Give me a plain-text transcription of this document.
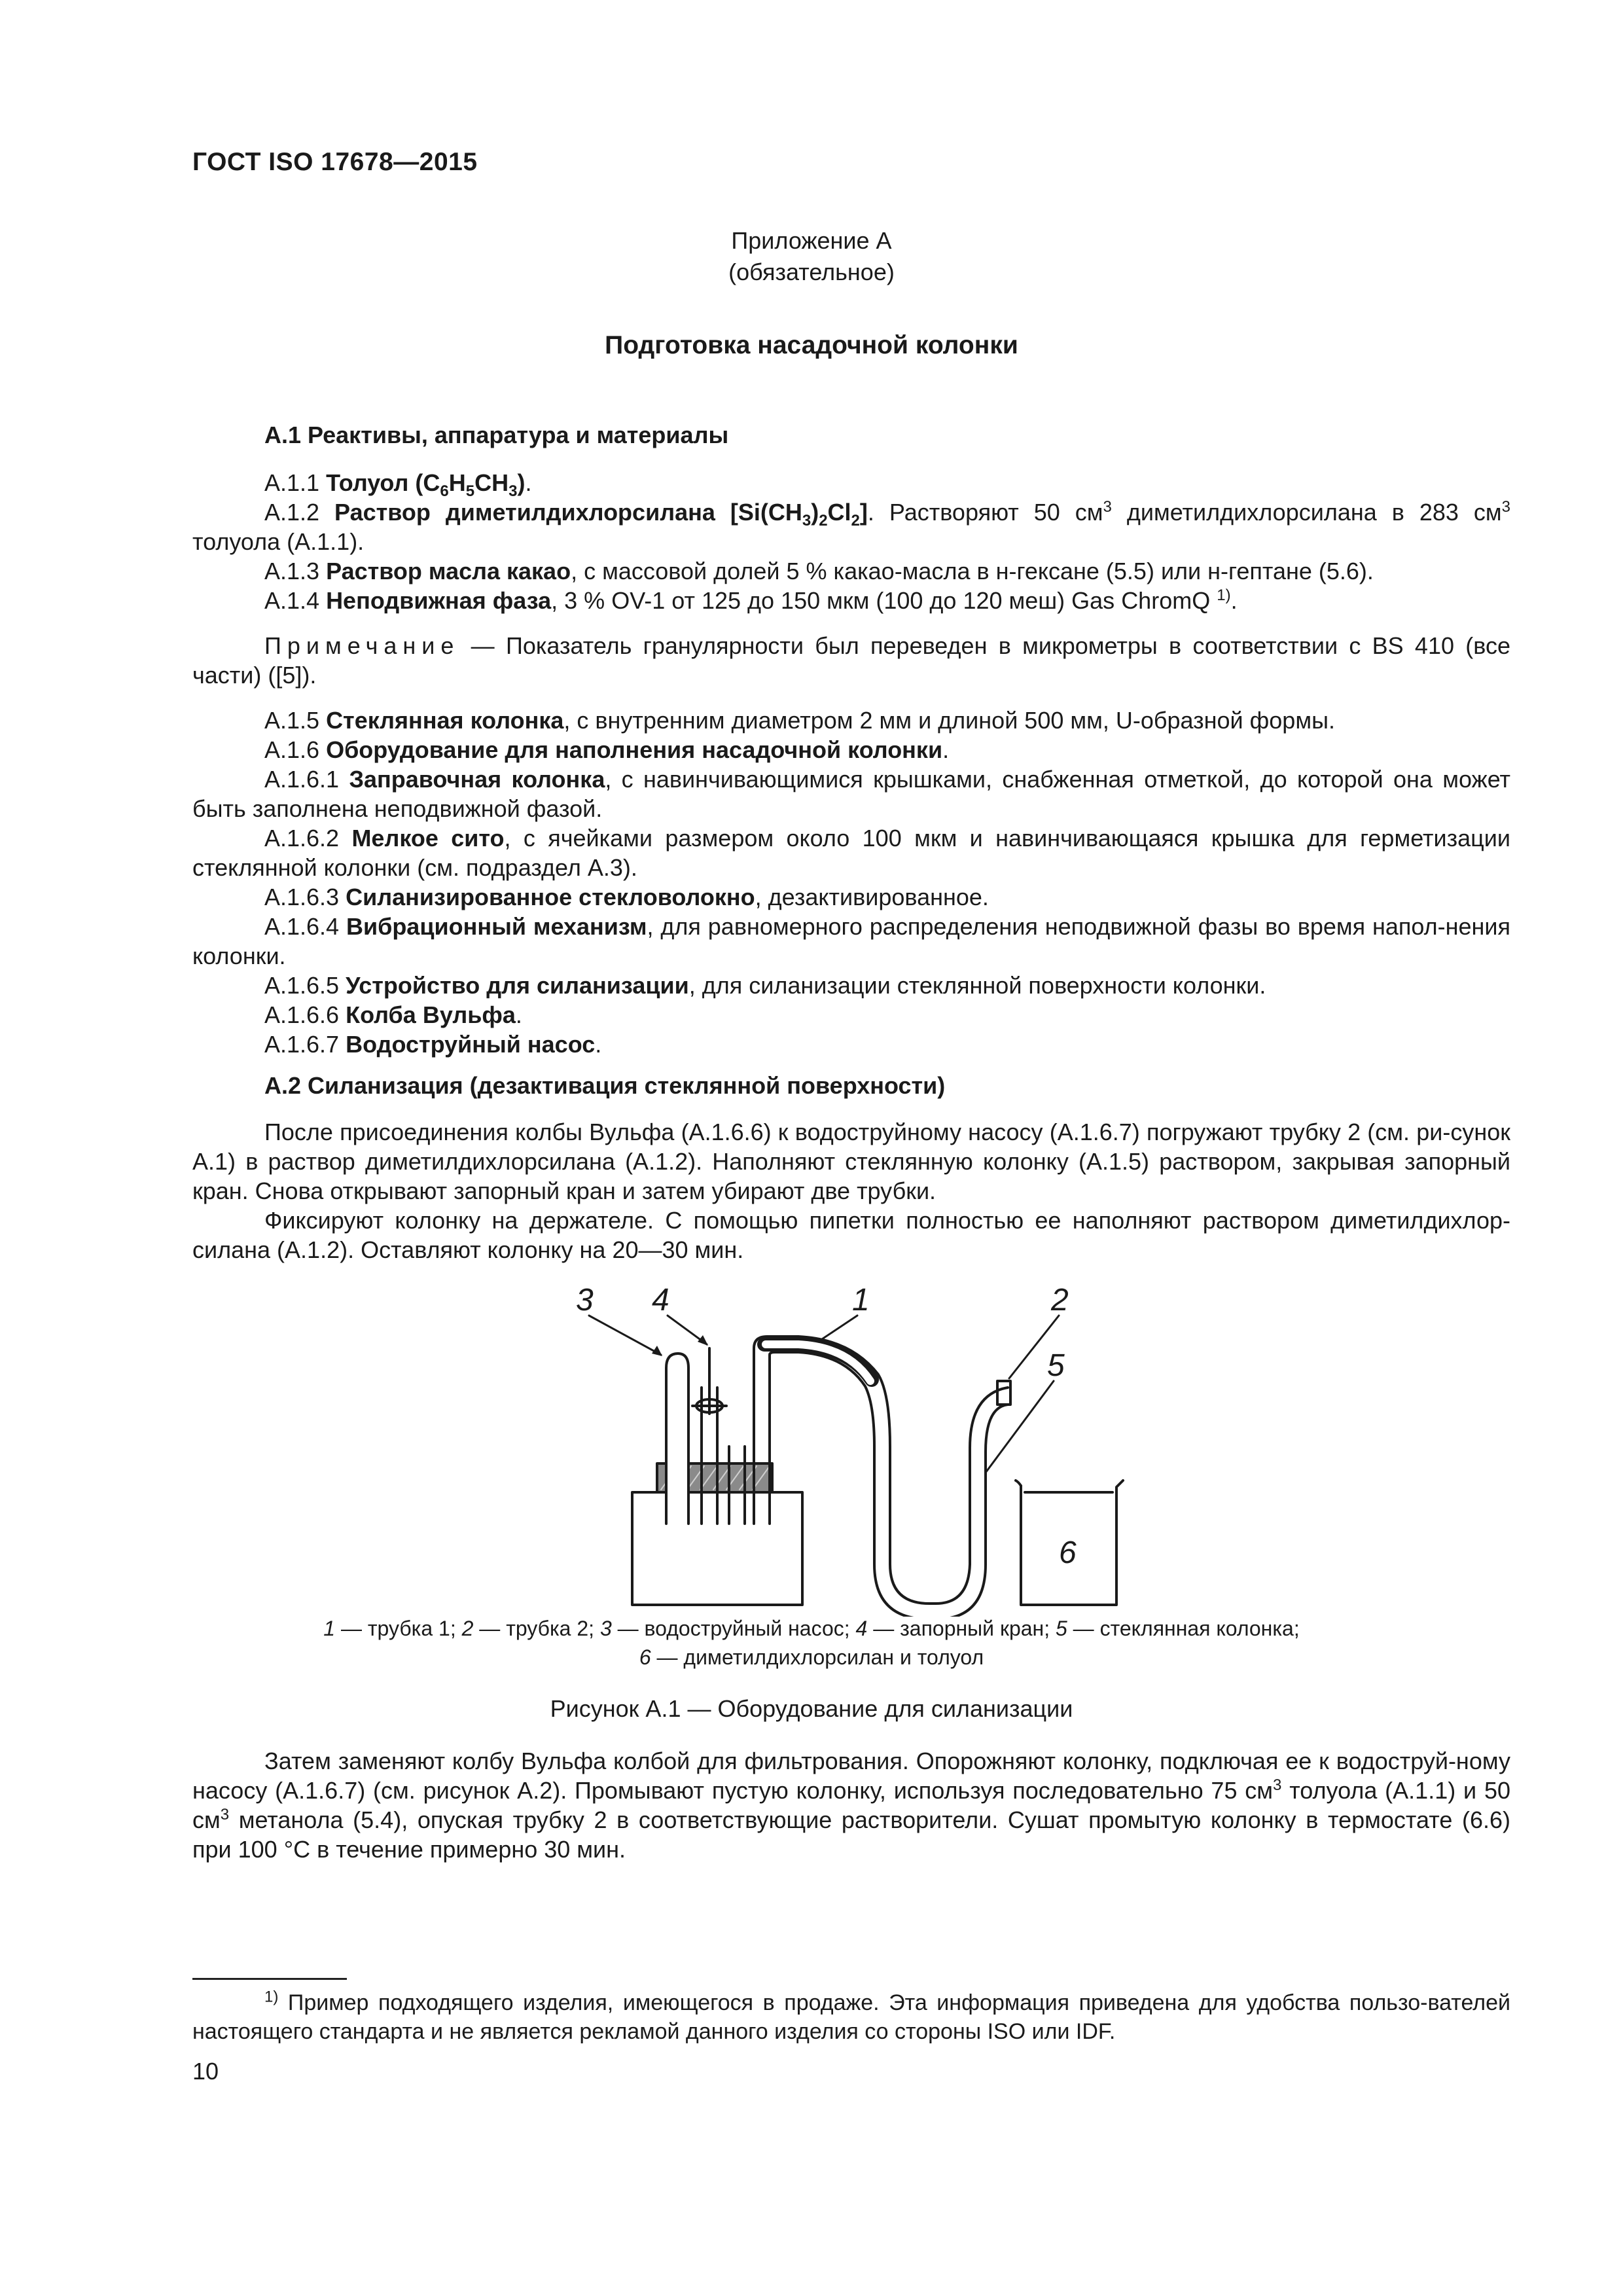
ГОСТ ISO 17678—2015
Приложение А
(обязательное)
Подготовка насадочной колонки

А.1 Реактивы, аппаратура и материалы

А.1.1 Толуол $(C_6H_5CH_3)$.

А.1.2 Раствор диметилдихлорсилана $[Si(CH_3)_2Cl_2]$. Растворяют 50 $см^3$ диметилдихлорсилана в 283 $см^3$ толуола (А.1.1).

А.1.3 Раствор масла какао, с массовой долей 5 % какао-масла в н-гексане (5.5) или н-гептане (5.6).

А.1.4 Неподвижная фаза, 3 % OV-1 от 125 до 150 мкм (100 до 120 меш) Gas ChromQ $^{1)}$.

Примечание — Показатель гранулярности был переведен в микрометры в соответствии с BS 410 (все части) ([5]).

А.1.5 Стеклянная колонка, с внутренним диаметром 2 мм и длиной 500 мм, U-образной формы.

А.1.6 Оборудование для наполнения насадочной колонки.

А.1.6.1 Заправочная колонка, с навинчивающимися крышками, снабженная отметкой, до которой она может быть заполнена неподвижной фазой.

А.1.6.2 Мелкое сито, с ячейками размером около 100 мкм и навинчивающаяся крышка для герметизации стеклянной колонки (см. подраздел А.3).

А.1.6.3 Силанизированное стекловолокно, дезактивированное.

А.1.6.4 Вибрационный механизм, для равномерного распределения неподвижной фазы во время напол-нения колонки.

А.1.6.5 Устройство для силанизации, для силанизации стеклянной поверхности колонки.

А.1.6.6 Колба Вульфа.

А.1.6.7 Водоструйный насос.

А.2 Силанизация (дезактивация стеклянной поверхности)

После присоединения колбы Вульфа (А.1.6.6) к водоструйному насосу (А.1.6.7) погружают трубку 2 (см. ри-сунок А.1) в раствор диметилдихлорсилана (А.1.2). Наполняют стеклянную колонку (А.1.5) раствором, закрывая запорный кран. Снова открывают запорный кран и затем убирают две трубки.

Фиксируют колонку на держателе. С помощью пипетки полностью ее наполняют раствором диметилдихлор-силана (А.1.2). Оставляют колонку на 20—30 мин.

3 4	1	2
5
6
1 — трубка 1; 2 — трубка 2; 3 — водоструйный насос; 4 — запорный кран; 5 — стеклянная колонка;
6 — диметилдихлорсилан и толуол
Рисунок А.1 — Оборудование для силанизации

Затем заменяют колбу Вульфа колбой для фильтрования. Опорожняют колонку, подключая ее к водоструй-ному насосу (А.1.6.7) (см. рисунок А.2). Промывают пустую колонку, используя последовательно 75 $см^3$ толуола (А.1.1) и 50 $см^3$ метанола (5.4), опуская трубку 2 в соответствующие растворители. Сушат промытую колонку в термостате (6.6) при 100 °С в течение примерно 30 мин.

$^{1)}$ Пример подходящего изделия, имеющегося в продаже. Эта информация приведена для удобства пользо-вателей настоящего стандарта и не является рекламой данного изделия со стороны ISO или IDF.
10
